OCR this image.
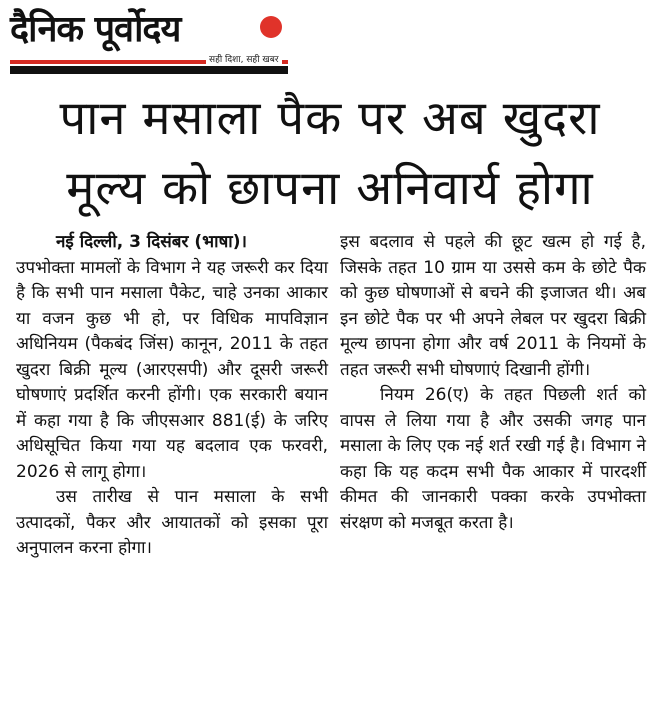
दैनिक पूर्वोदय
सही दिशा, सही खबर
पान मसाला पैक पर अब खुदरा मूल्य को छापना अनिवार्य होगा

नई दिल्ली, 3 दिसंबर (भाषा)।

उपभोक्ता मामलों के विभाग ने यह जरूरी कर दिया है कि सभी पान मसाला पैकेट, चाहे उनका आकार या वजन कुछ भी हो, पर विधिक मापविज्ञान अधिनियम (पैकबंद जिंस) कानून, 2011 के तहत खुदरा बिक्री मूल्य (आरएसपी) और दूसरी जरूरी घोषणाएं प्रदर्शित करनी होंगी। एक सरकारी बयान में कहा गया है कि जीएसआर 881(ई) के जरिए अधिसूचित किया गया यह बदलाव एक फरवरी, 2026 से लागू होगा।

उस तारीख से पान मसाला के सभी उत्पादकों, पैकर और आयातकों को इसका पूरा अनुपालन करना होगा।

इस बदलाव से पहले की छूट खत्म हो गई है, जिसके तहत 10 ग्राम या उससे कम के छोटे पैक को कुछ घोषणाओं से बचने की इजाजत थी। अब इन छोटे पैक पर भी अपने लेबल पर खुदरा बिक्री मूल्य छापना होगा और वर्ष 2011 के नियमों के तहत जरूरी सभी घोषणाएं दिखानी होंगी।

नियम 26(ए) के तहत पिछली शर्त को वापस ले लिया गया है और उसकी जगह पान मसाला के लिए एक नई शर्त रखी गई है। विभाग ने कहा कि यह कदम सभी पैक आकार में पारदर्शी कीमत की जानकारी पक्का करके उपभोक्ता संरक्षण को मजबूत करता है।
